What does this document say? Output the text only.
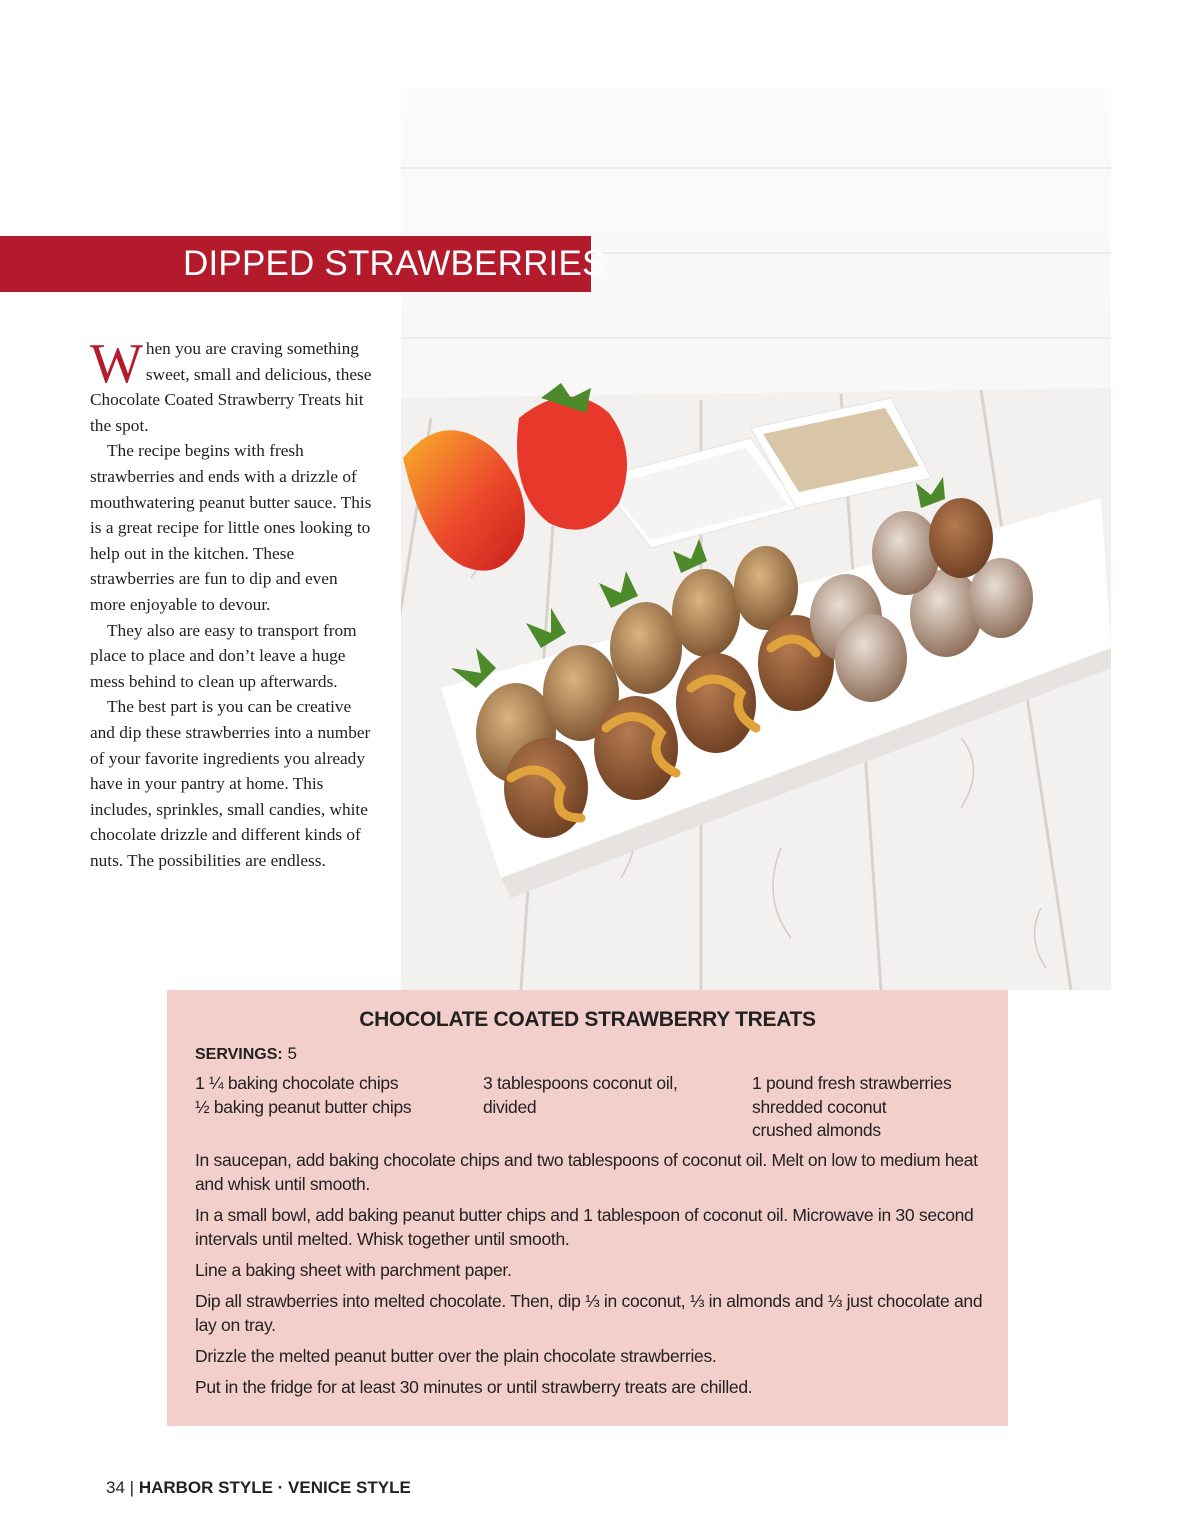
DIPPED STRAWBERRIES

When you are craving something sweet, small and delicious, these Chocolate Coated Strawberry Treats hit the spot.

The recipe begins with fresh strawberries and ends with a drizzle of mouthwatering peanut butter sauce. This is a great recipe for little ones looking to help out in the kitchen. These strawberries are fun to dip and even more enjoyable to devour.

They also are easy to transport from place to place and don’t leave a huge mess behind to clean up afterwards.

The best part is you can be creative and dip these strawberries into a number of your favorite ingredients you already have in your pantry at home. This includes, sprinkles, small candies, white chocolate drizzle and different kinds of nuts. The possibilities are endless.

CHOCOLATE COATED STRAWBERRY TREATS
SERVINGS: 5
1 ¼ baking chocolate chips
½ baking peanut butter chips
3 tablespoons coconut oil,
divided
1 pound fresh strawberries
shredded coconut
crushed almonds

In saucepan, add baking chocolate chips and two tablespoons of coconut oil. Melt on low to medium heat and whisk until smooth.

In a small bowl, add baking peanut butter chips and 1 tablespoon of coconut oil. Microwave in 30 second intervals until melted. Whisk together until smooth.

Line a baking sheet with parchment paper.

Dip all strawberries into melted chocolate. Then, dip ⅓ in coconut, ⅓ in almonds and ⅓ just chocolate and lay on tray.

Drizzle the melted peanut butter over the plain chocolate strawberries.

Put in the fridge for at least 30 minutes or until strawberry treats are chilled.

34 | HARBOR STYLE · VENICE STYLE
